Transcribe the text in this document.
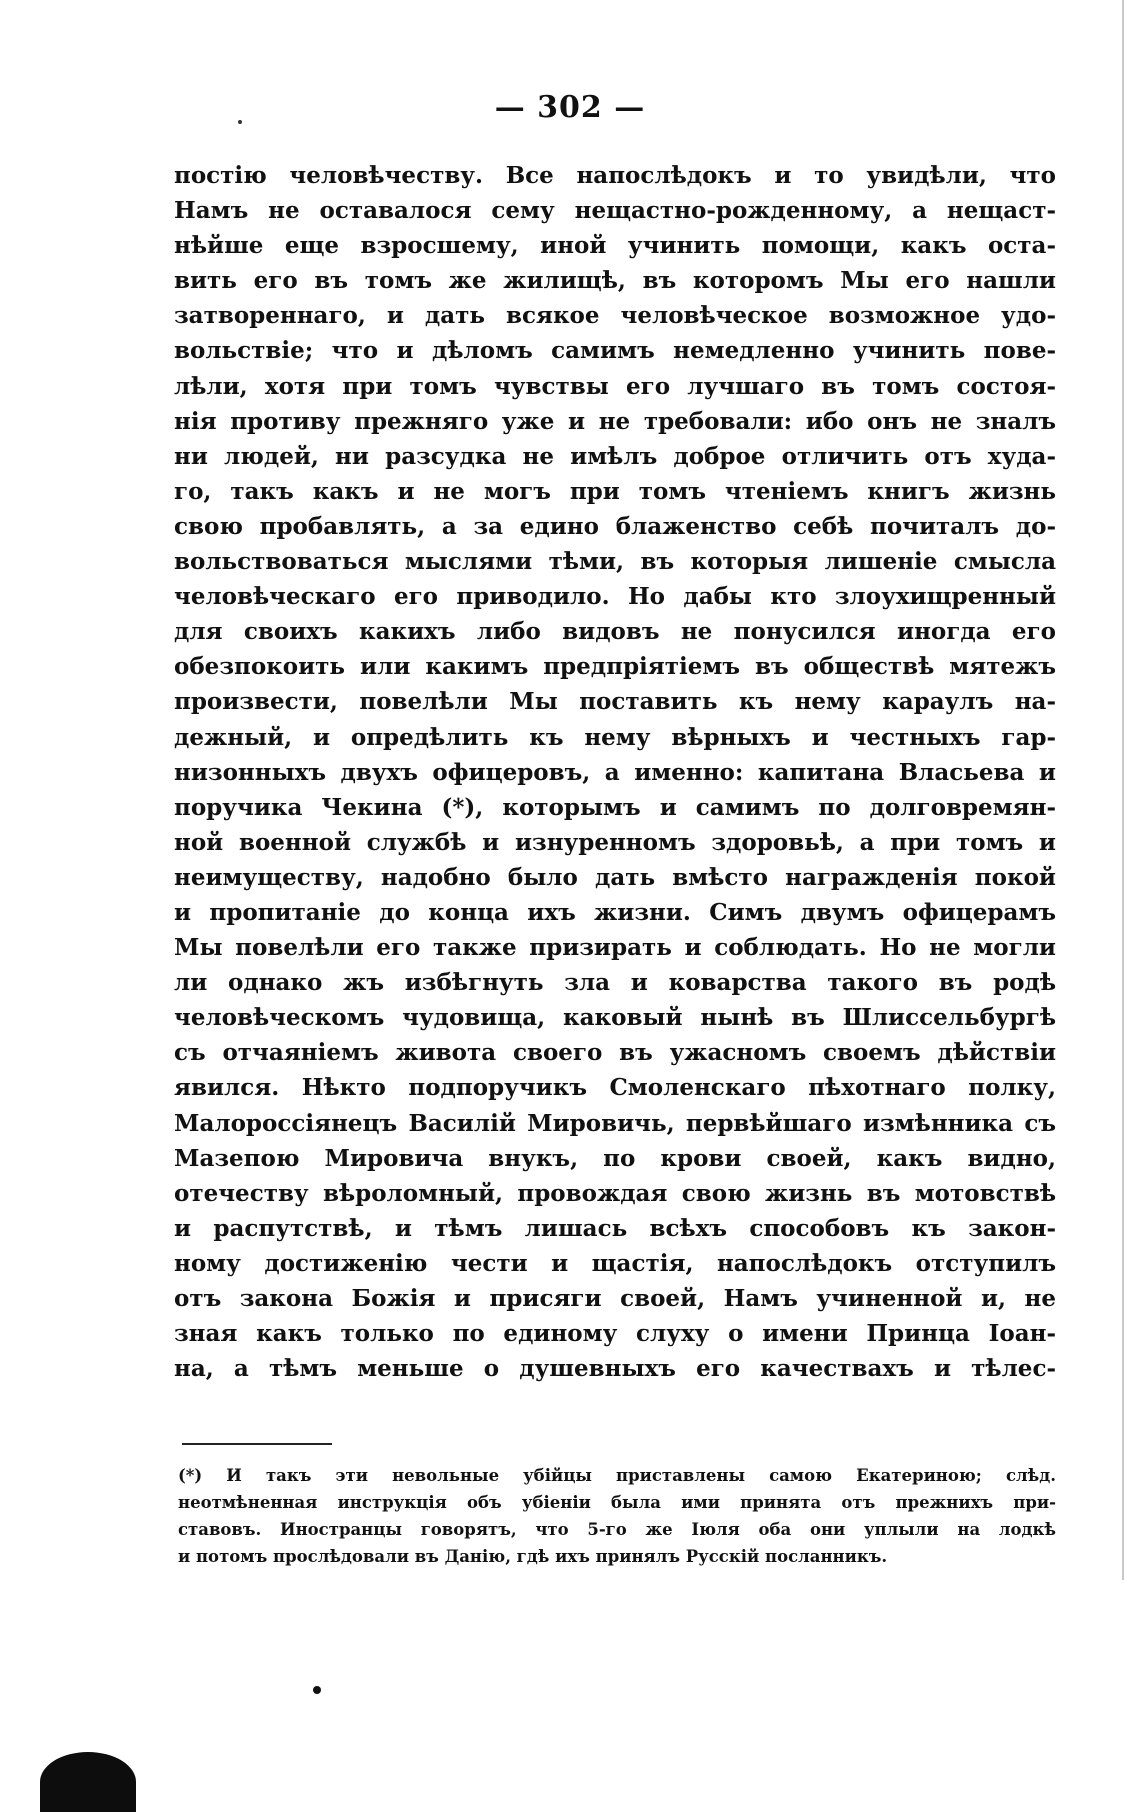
— 302 —
постію человѣчеству. Все напослѣдокъ и то увидѣли, что
Намъ не оставалося сему нещастно-рожденному, а нещаст-
нѣйше еще взросшему, иной учинить помощи, какъ оста-
вить его въ томъ же жилищѣ, въ которомъ Мы его нашли
затвореннаго, и дать всякое человѣческое возможное удо-
вольствіе; что и дѣломъ самимъ немедленно учинить пове-
лѣли, хотя при томъ чувствы его лучшаго въ томъ состоя-
нія противу прежняго уже и не требовали: ибо онъ не зналъ
ни людей, ни разсудка не имѣлъ доброе отличить отъ худа-
го, такъ какъ и не могъ при томъ чтеніемъ книгъ жизнь
свою пробавлять, а за едино блаженство себѣ почиталъ до-
вольствоваться мыслями тѣми, въ которыя лишеніе смысла
человѣческаго его приводило. Но дабы кто злоухищренный
для своихъ какихъ либо видовъ не понусился иногда его
обезпокоить или какимъ предпріятіемъ въ обществѣ мятежъ
произвести, повелѣли Мы поставить къ нему караулъ на-
дежный, и опредѣлить къ нему вѣрныхъ и честныхъ гар-
низонныхъ двухъ офицеровъ, а именно: капитана Власьева и
поручика Чекина (*), которымъ и самимъ по долговремян-
ной военной службѣ и изнуренномъ здоровьѣ, а при томъ и
неимуществу, надобно было дать вмѣсто награжденія покой
и пропитаніе до конца ихъ жизни. Симъ двумъ офицерамъ
Мы повелѣли его также призирать и соблюдать. Но не могли
ли однако жъ избѣгнуть зла и коварства такого въ родѣ
человѣческомъ чудовища, каковый нынѣ въ Шлиссельбургѣ
съ отчаяніемъ живота своего въ ужасномъ своемъ дѣйствіи
явился. Нѣкто подпоручикъ Смоленскаго пѣхотнаго полку,
Малороссіянецъ Василій Мировичь, первѣйшаго измѣнника съ
Мазепою Мировича внукъ, по крови своей, какъ видно,
отечеству вѣроломный, провождая свою жизнь въ мотовствѣ
и распутствѣ, и тѣмъ лишась всѣхъ способовъ къ закон-
ному достиженію чести и щастія, напослѣдокъ отступилъ
отъ закона Божія и присяги своей, Намъ учиненной и, не
зная какъ только по единому слуху о имени Принца Іоан-
на, а тѣмъ меньше о душевныхъ его качествахъ и тѣлес-
(*) И такъ эти невольные убійцы приставлены самою Екатериною; слѣд.
неотмѣненная инструкція объ убіеніи была ими принята отъ прежнихъ при-
ставовъ. Иностранцы говорятъ, что 5-го же Іюля оба они уплыли на лодкѣ
и потомъ прослѣдовали въ Данію, гдѣ ихъ принялъ Русскій посланникъ.
